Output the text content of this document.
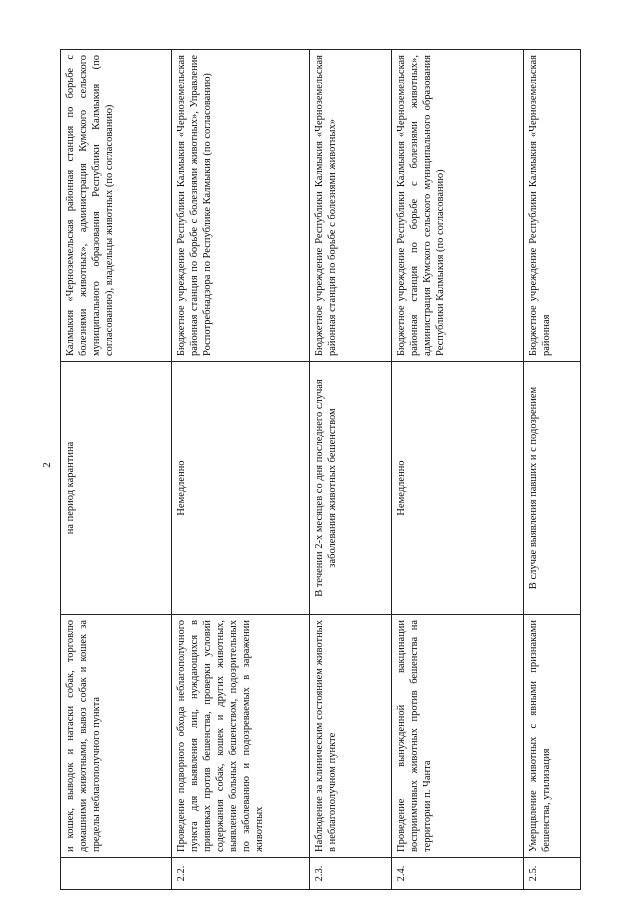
2
	и кошек, выводок и натаски собак, торговлю домашними животными, вывоз собак и кошек за пределы неблагополучного пункта	на период карантина	Калмыкия «Черноземельская районная станция по борьбе с болезнями животных», администрация Кумского сельского муниципального образования Республики Калмыкия (по согласованию), владельцы животных (по согласованию)
2.2.	Проведение подворного обхода неблагополучного пункта для выявления лиц, нуждающихся в прививках против бешенства, проверки условий содержания собак, кошек и других животных, выявление больных бешенством, подозрительных по заболеванию и подозреваемых в заражении животных	Немедленно	Бюджетное учреждение Республики Калмыкия «Черноземельская районная станция по борьбе с болезнями животных», Управление Роспотребнадзора по Республике Калмыкия (по согласованию)
2.3.	Наблюдение за клиническим состоянием животных в неблагополучном пункте	В течении 2-х месяцев со дня последнего случая заболевания животных бешенством	Бюджетное учреждение Республики Калмыкия «Черноземельская районная станция по борьбе с болезнями животных»
2.4.	Проведение вынужденной вакцинации восприимчивых животных против бешенства на территории п. Чанта	Немедленно	Бюджетное учреждение Республики Калмыкия «Черноземельская районная станция по борьбе с болезнями животных», администрация Кумского сельского муниципального образования Республики Калмыкия (по согласованию)
2.5.	Умерщвление животных с явными признаками бешенства, утилизация	В случае выявления павших и с подозрением	Бюджетное учреждение Республики Калмыкия «Черноземельская районная
